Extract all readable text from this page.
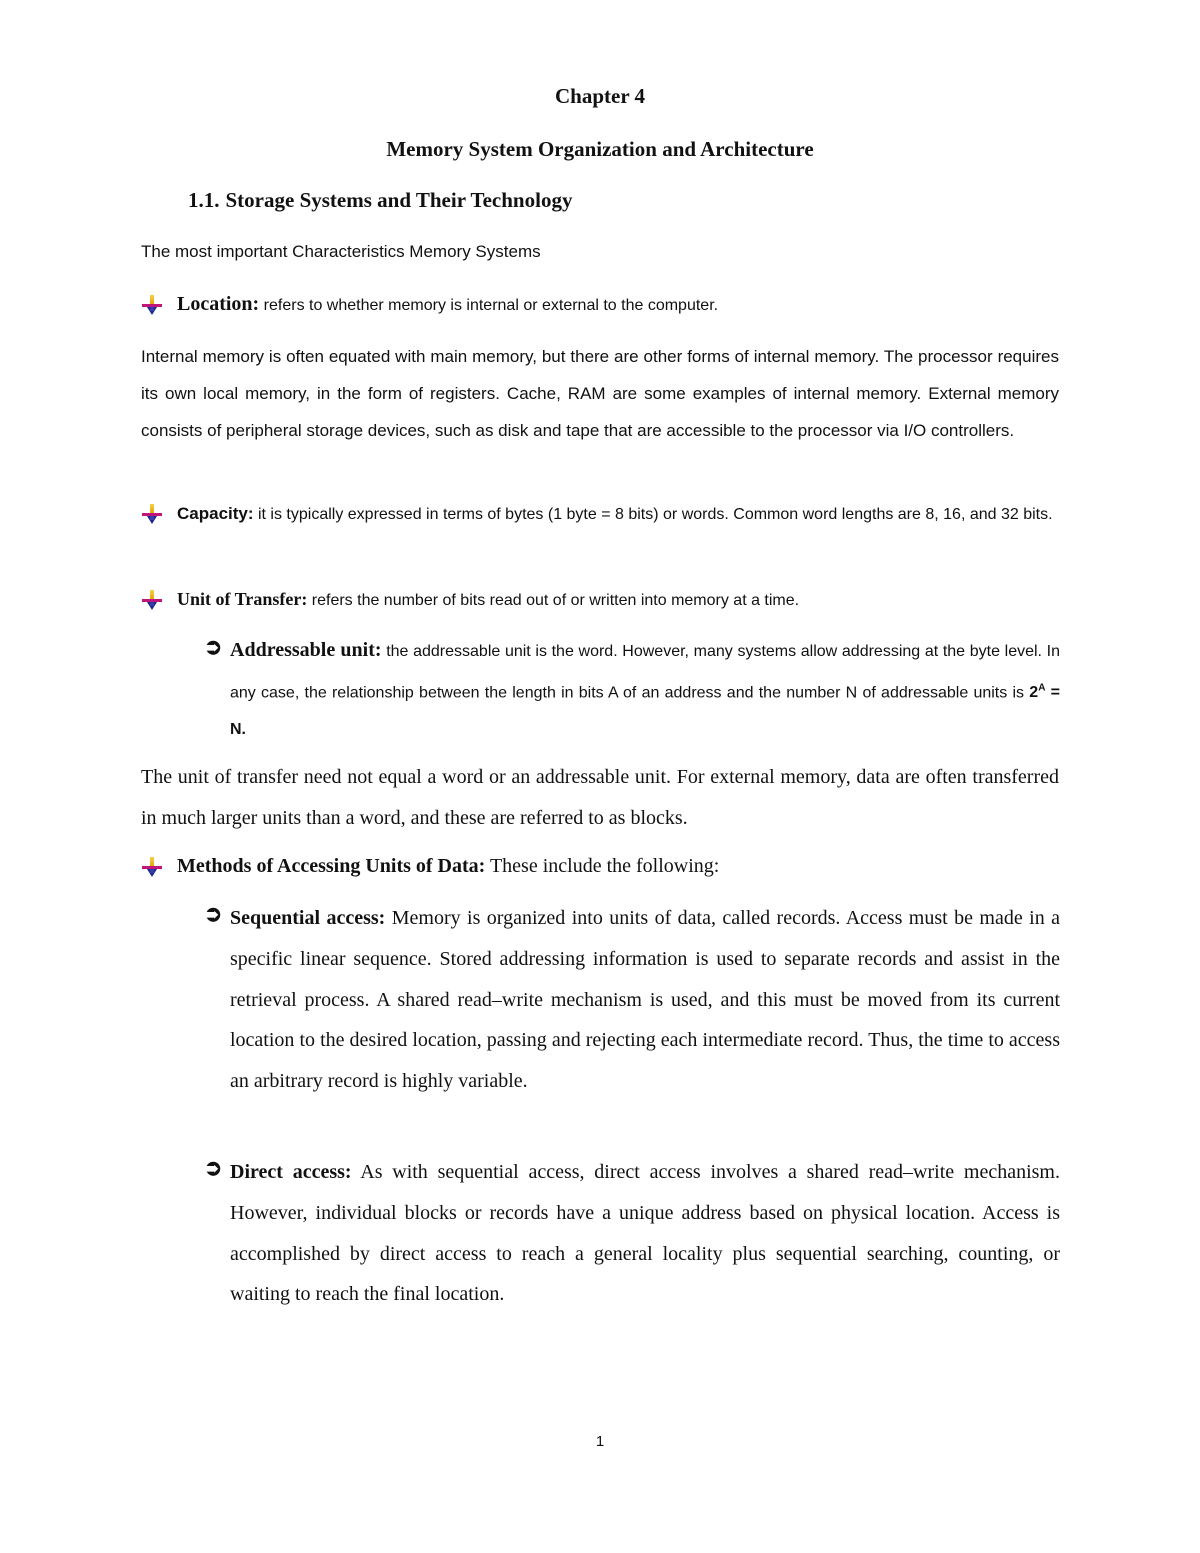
Chapter 4
Memory System Organization and Architecture
1.1. Storage Systems and Their Technology
The most important Characteristics Memory Systems
Location: refers to whether memory is internal or external to the computer.
Internal memory is often equated with main memory, but there are other forms of internal memory. The processor requires its own local memory, in the form of registers. Cache, RAM are some examples of internal memory. External memory consists of peripheral storage devices, such as disk and tape that are accessible to the processor via I/O controllers.
Capacity: it is typically expressed in terms of bytes (1 byte = 8 bits) or words. Common word lengths are 8, 16, and 32 bits.
Unit of Transfer: refers the number of bits read out of or written into memory at a time.
➲ Addressable unit: the addressable unit is the word. However, many systems allow addressing at the byte level. In any case, the relationship between the length in bits A of an address and the number N of addressable units is $2^A = N$.
The unit of transfer need not equal a word or an addressable unit. For external memory, data are often transferred in much larger units than a word, and these are referred to as blocks.
Methods of Accessing Units of Data: These include the following:
➲ Sequential access: Memory is organized into units of data, called records. Access must be made in a specific linear sequence. Stored addressing information is used to separate records and assist in the retrieval process. A shared read–write mechanism is used, and this must be moved from its current location to the desired location, passing and rejecting each intermediate record. Thus, the time to access an arbitrary record is highly variable.
➲ Direct access: As with sequential access, direct access involves a shared read–write mechanism. However, individual blocks or records have a unique address based on physical location. Access is accomplished by direct access to reach a general locality plus sequential searching, counting, or waiting to reach the final location.
1
